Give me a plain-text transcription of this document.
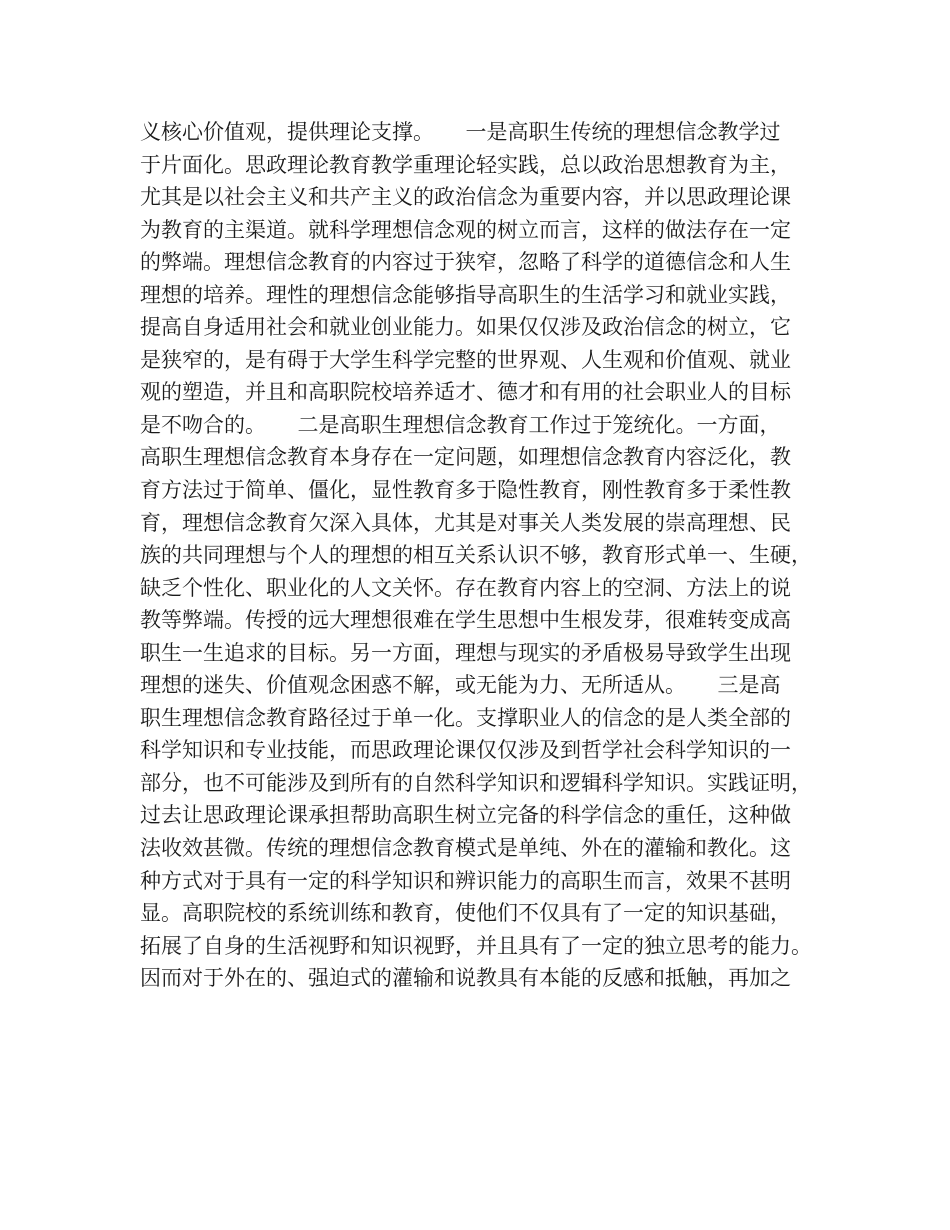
义核心价值观，提供理论支撑。　　一是高职生传统的理想信念教学过
于片面化。思政理论教育教学重理论轻实践，总以政治思想教育为主，
尤其是以社会主义和共产主义的政治信念为重要内容，并以思政理论课
为教育的主渠道。就科学理想信念观的树立而言，这样的做法存在一定
的弊端。理想信念教育的内容过于狭窄，忽略了科学的道德信念和人生
理想的培养。理性的理想信念能够指导高职生的生活学习和就业实践，
提高自身适用社会和就业创业能力。如果仅仅涉及政治信念的树立，它
是狭窄的，是有碍于大学生科学完整的世界观、人生观和价值观、就业
观的塑造，并且和高职院校培养适才、德才和有用的社会职业人的目标
是不吻合的。　　二是高职生理想信念教育工作过于笼统化。一方面，
高职生理想信念教育本身存在一定问题，如理想信念教育内容泛化，教
育方法过于简单、僵化，显性教育多于隐性教育，刚性教育多于柔性教
育，理想信念教育欠深入具体，尤其是对事关人类发展的崇高理想、民
族的共同理想与个人的理想的相互关系认识不够，教育形式单一、生硬，
缺乏个性化、职业化的人文关怀。存在教育内容上的空洞、方法上的说
教等弊端。传授的远大理想很难在学生思想中生根发芽，很难转变成高
职生一生追求的目标。另一方面，理想与现实的矛盾极易导致学生出现
理想的迷失、价值观念困惑不解，或无能为力、无所适从。　　三是高
职生理想信念教育路径过于单一化。支撑职业人的信念的是人类全部的
科学知识和专业技能，而思政理论课仅仅涉及到哲学社会科学知识的一
部分，也不可能涉及到所有的自然科学知识和逻辑科学知识。实践证明，
过去让思政理论课承担帮助高职生树立完备的科学信念的重任，这种做
法收效甚微。传统的理想信念教育模式是单纯、外在的灌输和教化。这
种方式对于具有一定的科学知识和辨识能力的高职生而言，效果不甚明
显。高职院校的系统训练和教育，使他们不仅具有了一定的知识基础，
拓展了自身的生活视野和知识视野，并且具有了一定的独立思考的能力。
因而对于外在的、强迫式的灌输和说教具有本能的反感和抵触，再加之
